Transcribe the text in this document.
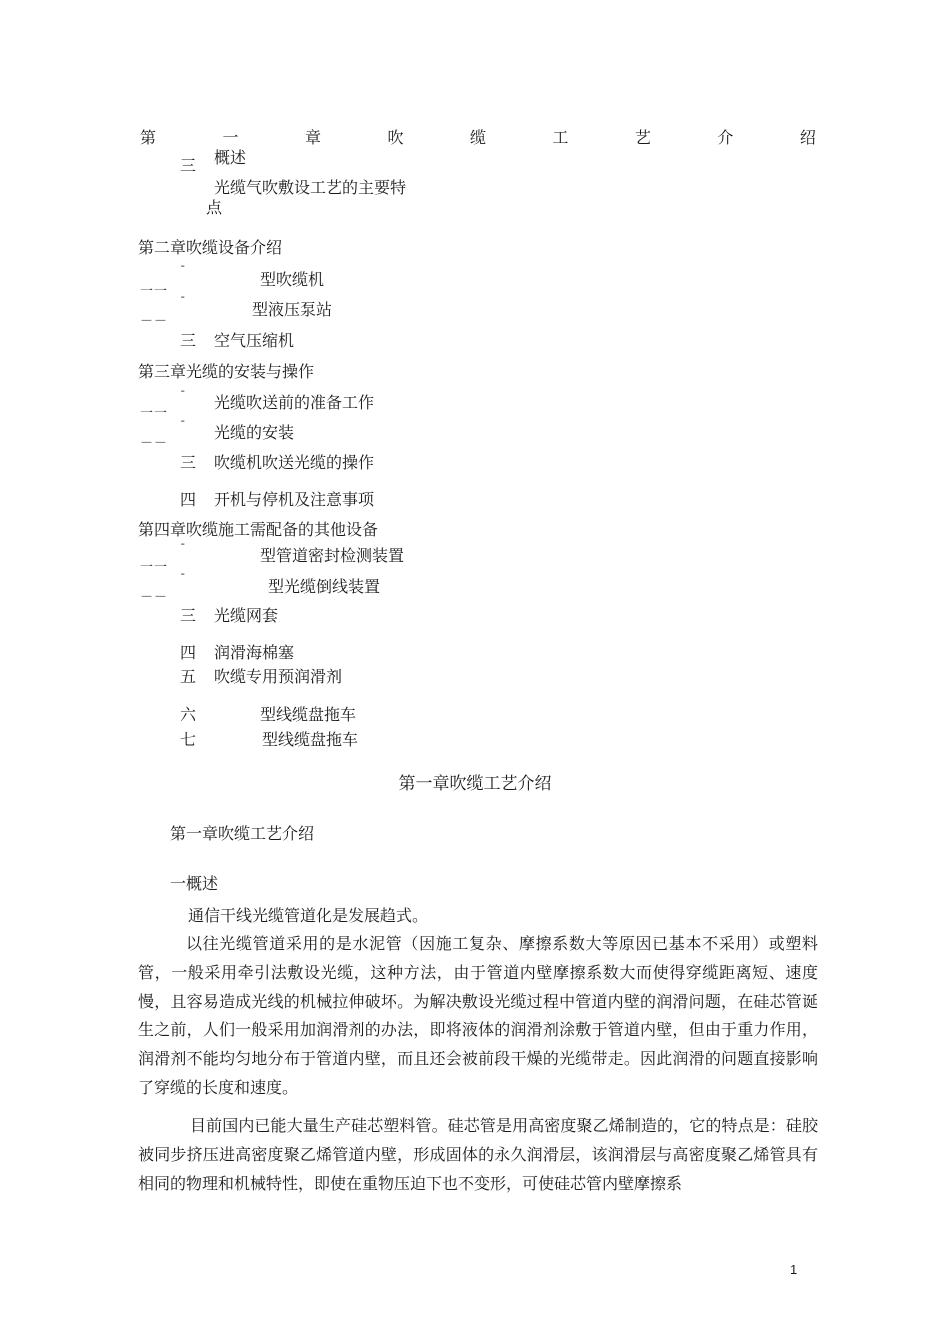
第	一	章	吹	缆	工	艺	介	绍
三 概述
光缆气吹敷设工艺的主要特
点
第二章吹缆设备介绍
¯	型吹缆机
一一
¯	型液压泵站
－－
三 空气压缩机
第三章光缆的安装与操作
¯ 光缆吹送前的准备工作
一一
¯ 光缆的安装
－－
三 吹缆机吹送光缆的操作
四 开机与停机及注意事项
第四章吹缆施工需配备的其他设备
¯	型管道密封检测装置
一一
¯	型光缆倒线装置
－－
三 光缆网套
四 润滑海棉塞
五 吹缆专用预润滑剂
六	型线缆盘拖车
七	型线缆盘拖车
第一章吹缆工艺介绍
第一章吹缆工艺介绍
一概述
通信干线光缆管道化是发展趋式。
以往光缆管道采用的是水泥管（因施工复杂、摩擦系数大等原因已基本不采用）或塑料管，一般采用牵引法敷设光缆，这种方法，由于管道内壁摩擦系数大而使得穿缆距离短、速度慢，且容易造成光线的机械拉伸破坏。为解决敷设光缆过程中管道内壁的润滑问题，在硅芯管诞生之前，人们一般采用加润滑剂的办法，即将液体的润滑剂涂敷于管道内壁，但由于重力作用，润滑剂不能均匀地分布于管道内壁，而且还会被前段干燥的光缆带走。因此润滑的问题直接影响了穿缆的长度和速度。
目前国内已能大量生产硅芯塑料管。硅芯管是用高密度聚乙烯制造的，它的特点是：硅胶被同步挤压进高密度聚乙烯管道内壁，形成固体的永久润滑层，该润滑层与高密度聚乙烯管具有相同的物理和机械特性，即使在重物压迫下也不变形，可使硅芯管内壁摩擦系
1
